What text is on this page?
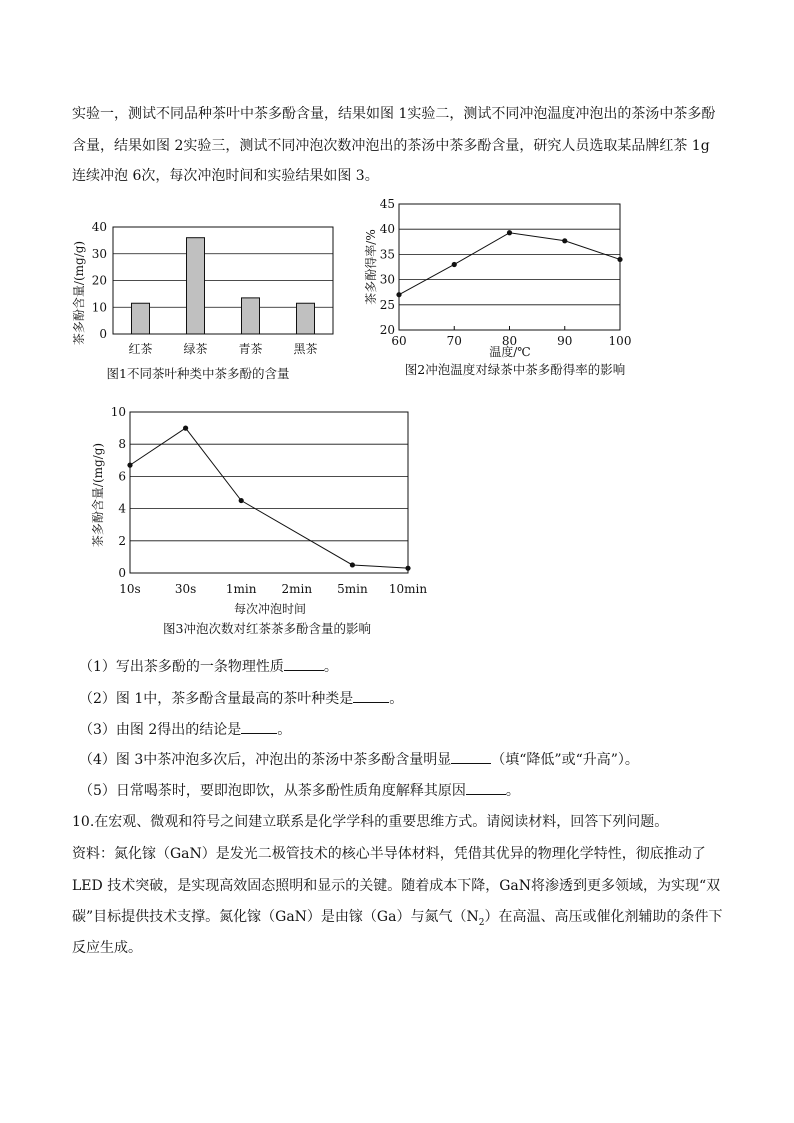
实验一，测试不同品种茶叶中茶多酚含量，结果如图 1实验二，测试不同冲泡温度冲泡出的茶汤中茶多酚
含量，结果如图 2实验三，测试不同冲泡次数冲泡出的茶汤中茶多酚含量，研究人员选取某品牌红茶 1g
连续冲泡 6次，每次冲泡时间和实验结果如图 3。
茶多酚含量/(mg/g)
图1不同茶叶种类中茶多酚的含量
0
10
20
30
40
红茶	绿茶	青茶	黑茶
茶多酚得率/%
温度/℃
图2冲泡温度对绿茶中茶多酚得率的影响
20
25
30
35
40
45
60	70	80	90	100
茶多酚含量/(mg/g)
每次冲泡时间
图3冲泡次数对红茶茶多酚含量的影响
0
2
4
6
8
10
10s	30s 1min 2min 5min 10min
（1）写出茶多酚的一条物理性质	。
（2）图 1中，茶多酚含量最高的茶叶种类是	。
（3）由图 2得出的结论是	。
（4）图 3中茶冲泡多次后，冲泡出的茶汤中茶多酚含量明显	（填“降低”或“升高”）。
（5）日常喝茶时，要即泡即饮，从茶多酚性质角度解释其原因	。
10.在宏观、微观和符号之间建立联系是化学学科的重要思维方式。请阅读材料，回答下列问题。
资料：氮化镓（GaN）是发光二极管技术的核心半导体材料，凭借其优异的物理化学特性，彻底推动了
LED 技术突破，是实现高效固态照明和显示的关键。随着成本下降，GaN将渗透到更多领域，为实现“双
碳”目标提供技术支撑。氮化镓（GaN）是由镓（Ga）与氮气$(N_2)$在高温、高压或催化剂辅助的条件下
反应生成。
